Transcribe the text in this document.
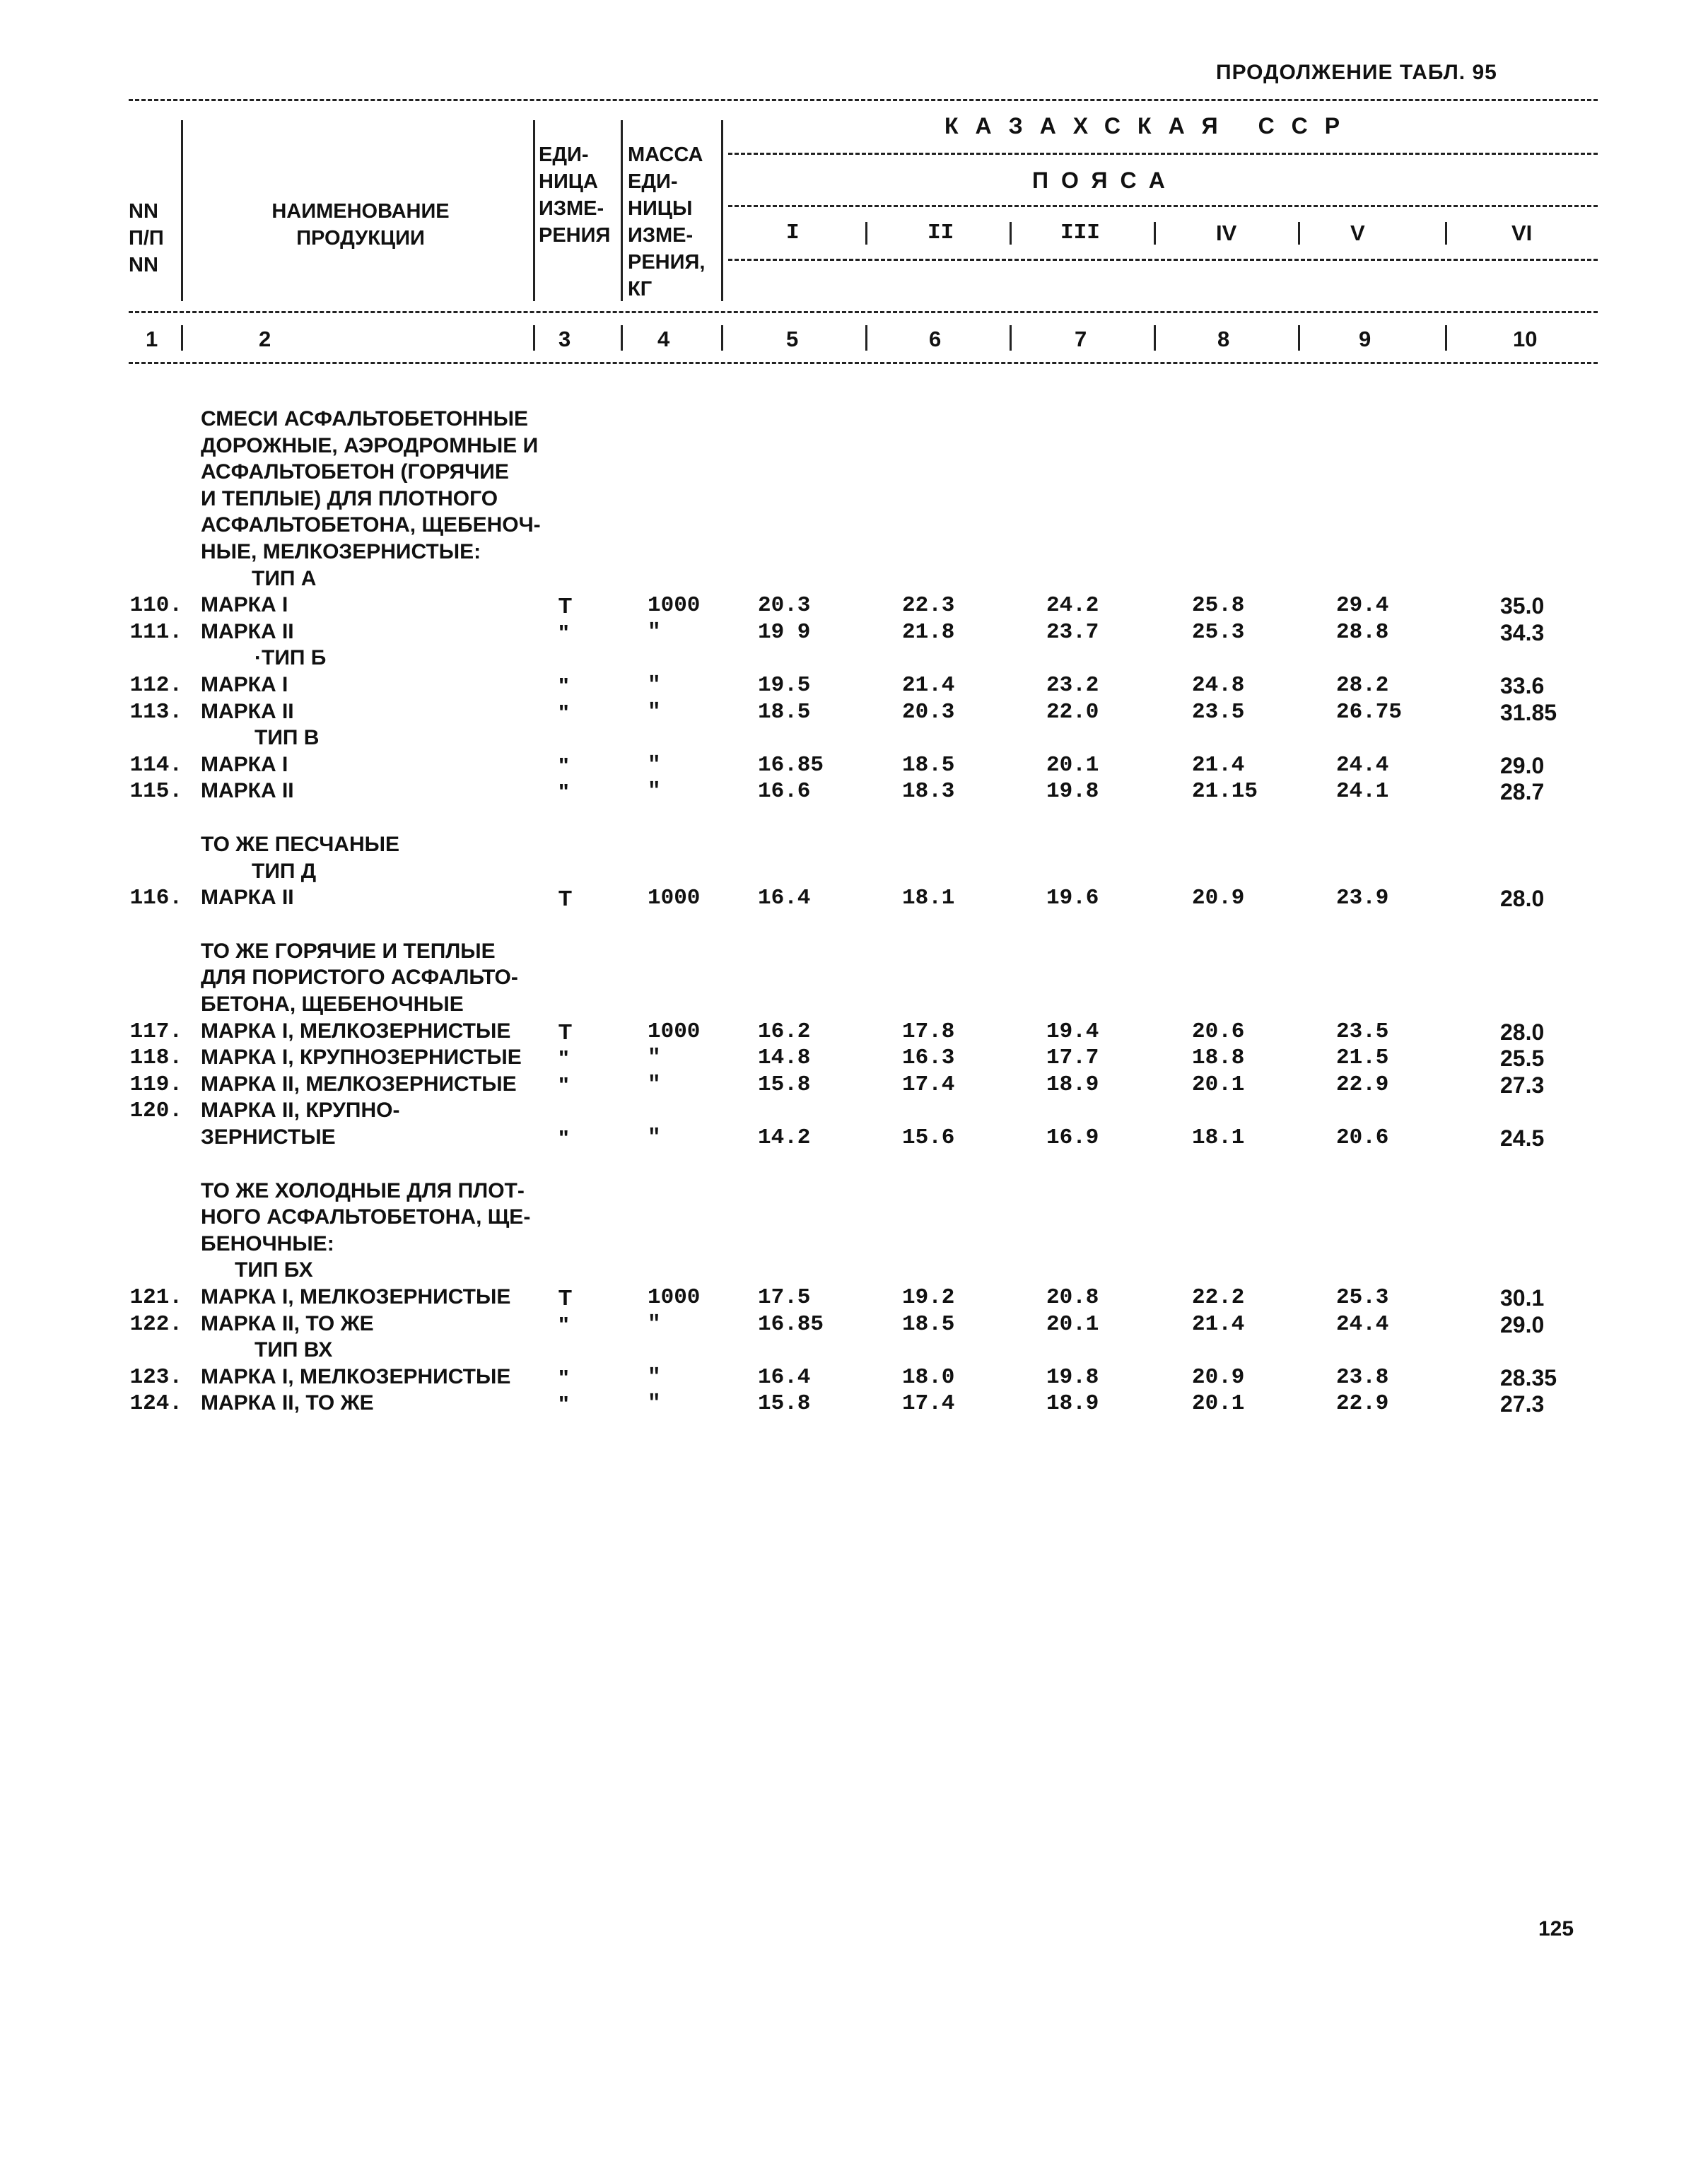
ПРОДОЛЖЕНИЕ ТАБЛ. 95
NN
П/П
NN
НАИМЕНОВАНИЕ
ПРОДУКЦИИ
ЕДИ-
НИЦА
ИЗМЕ-
РЕНИЯ
МАССА
ЕДИ-
НИЦЫ
ИЗМЕ-
РЕНИЯ,
КГ
КАЗАХСКАЯ ССР
ПОЯСА
I	II	III	IV	V	VI
1	2	3	4	5	6	7	8	9	10
СМЕСИ АСФАЛЬТОБЕТОННЫЕ
ДОРОЖНЫЕ, АЭРОДРОМНЫЕ И
АСФАЛЬТОБЕТОН (ГОРЯЧИЕ
И ТЕПЛЫЕ) ДЛЯ ПЛОТНОГО
АСФАЛЬТОБЕТОНА, ЩЕБЕНОЧ-
НЫЕ, МЕЛКОЗЕРНИСТЫЕ:
ТИП А
110. МАРКА I	Т	1000	20.3	22.3	24.2	25.8	29.4	35.0
111. МАРКА II	"	"	19 9	21.8	23.7	25.3	28.8	34.3
·ТИП Б
112. МАРКА I	"	"	19.5	21.4	23.2	24.8	28.2	33.6
113. МАРКА II	"	"	18.5	20.3	22.0	23.5	26.75	31.85
ТИП В
114. МАРКА I	"	"	16.85	18.5	20.1	21.4	24.4	29.0
115. МАРКА II	"	"	16.6	18.3	19.8	21.15	24.1	28.7
ТО ЖЕ ПЕСЧАНЫЕ
ТИП Д
116. МАРКА II	Т	1000	16.4	18.1	19.6	20.9	23.9	28.0
ТО ЖЕ ГОРЯЧИЕ И ТЕПЛЫЕ
ДЛЯ ПОРИСТОГО АСФАЛЬТО-
БЕТОНА, ЩЕБЕНОЧНЫЕ
117. МАРКА I, МЕЛКОЗЕРНИСТЫЕ Т	1000	16.2	17.8	19.4	20.6	23.5	28.0
118. МАРКА I, КРУПНОЗЕРНИСТЫЕ "	"	14.8	16.3	17.7	18.8	21.5	25.5
119. МАРКА II, МЕЛКОЗЕРНИСТЫЕ "	"	15.8	17.4	18.9	20.1	22.9	27.3
120. МАРКА II, КРУПНО-
ЗЕРНИСТЫЕ	"	"	14.2	15.6	16.9	18.1	20.6	24.5
ТО ЖЕ ХОЛОДНЫЕ ДЛЯ ПЛОТ-
НОГО АСФАЛЬТОБЕТОНА, ЩЕ-
БЕНОЧНЫЕ:
ТИП БХ
121. МАРКА I, МЕЛКОЗЕРНИСТЫЕ Т	1000	17.5	19.2	20.8	22.2	25.3	30.1
122. МАРКА II, ТО ЖЕ	"	"	16.85	18.5	20.1	21.4	24.4	29.0
ТИП ВХ
123. МАРКА I, МЕЛКОЗЕРНИСТЫЕ "	"	16.4	18.0	19.8	20.9	23.8	28.35
124. МАРКА II, ТО ЖЕ	"	"	15.8	17.4	18.9	20.1	22.9	27.3
125
